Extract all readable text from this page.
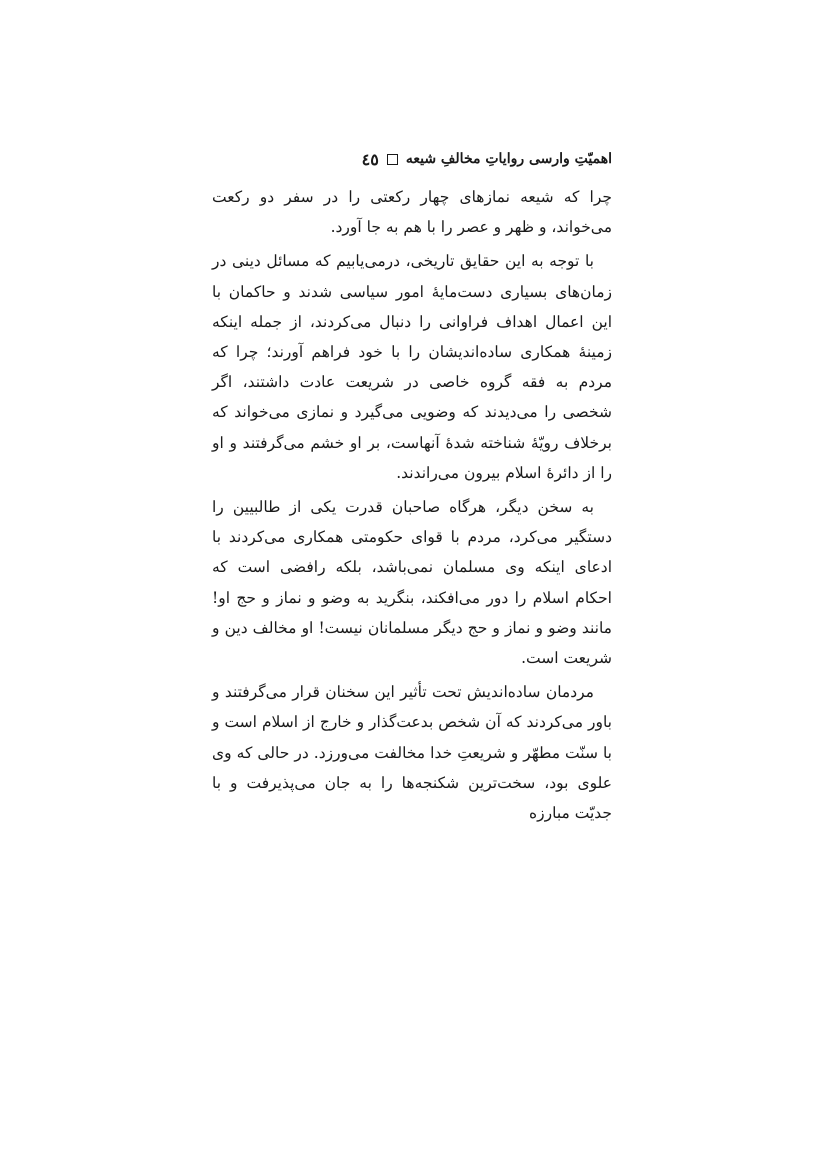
اهمیّتِ وارسی روایاتِ مخالفِ شیعه
٤٥

چرا که شیعه نمازهای چهار رکعتی را در سفر دو رکعت می‌خواند، و ظهر و عصر را با هم به جا آورد.

با توجه به این حقایق تاریخی، درمی‌یابیم که مسائل دینی در زمان‌های بسیاری دست‌مایهٔ امور سیاسی شدند و حاکمان با این اعمال اهداف فراوانی را دنبال می‌کردند، از جمله اینکه زمینهٔ همکاری ساده‌اندیشان را با خود فراهم آورند؛ چرا که مردم به فقه گروه خاصی در شریعت عادت داشتند، اگر شخصی را می‌دیدند که وضویی می‌گیرد و نمازی می‌خواند که برخلاف رویّهٔ شناخته شدهٔ آنهاست، بر او خشم می‌گرفتند و او را از دائرهٔ اسلام بیرون می‌راندند.

به سخن دیگر، هرگاه صاحبان قدرت یکی از طالبیین را دستگیر می‌کرد، مردم با قوای حکومتی همکاری می‌کردند با ادعای اینکه وی مسلمان نمی‌باشد، بلکه رافضی است که احکام اسلام را دور می‌افکند، بنگرید به وضو و نماز و حج او! مانند وضو و نماز و حج دیگر مسلمانان نیست! او مخالف دین و شریعت است.

مردمان ساده‌اندیش تحت تأثیر این سخنان قرار می‌گرفتند و باور می‌کردند که آن شخص بدعت‌گذار و خارج از اسلام است و با سنّت مطهّر و شریعتِ خدا مخالفت می‌ورزد. در حالی که وی علوی بود، سخت‌ترین شکنجه‌ها را به جان می‌پذیرفت و با جدیّت مبارزه
